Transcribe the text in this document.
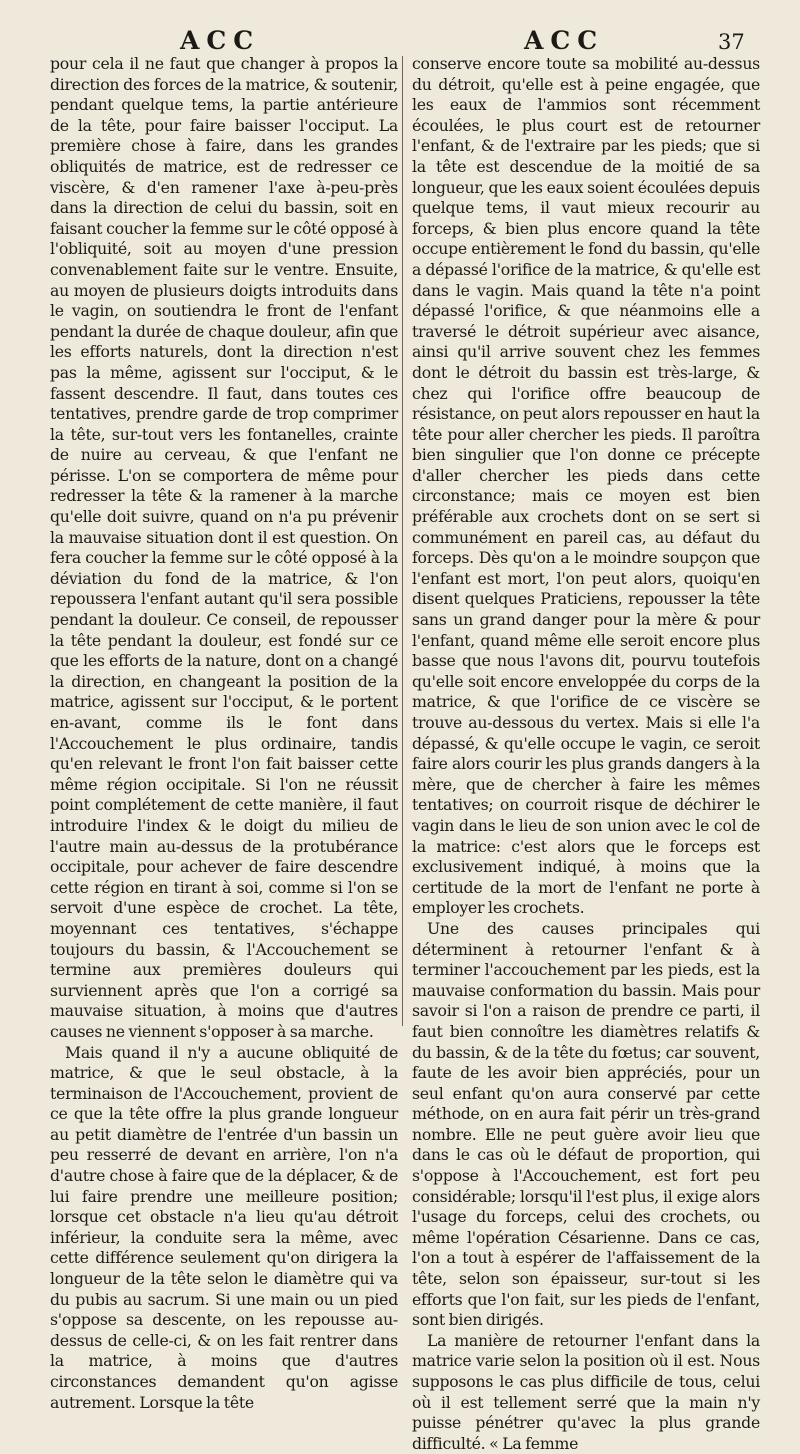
ACC	ACC	37

pour cela il ne faut que changer à propos la direction des forces de la matrice, & soutenir, pendant quelque tems, la partie antérieure de la tête, pour faire baisser l'occiput. La première chose à faire, dans les grandes obliquités de matrice, est de redresser ce viscère, & d'en ramener l'axe à-peu-près dans la direction de celui du bassin, soit en faisant coucher la femme sur le côté opposé à l'obliquité, soit au moyen d'une pression convenablement faite sur le ventre. Ensuite, au moyen de plusieurs doigts introduits dans le vagin, on soutiendra le front de l'enfant pendant la durée de chaque douleur, afin que les efforts naturels, dont la direction n'est pas la même, agissent sur l'occiput, & le fassent descendre. Il faut, dans toutes ces tentatives, prendre garde de trop comprimer la tête, sur-tout vers les fontanelles, crainte de nuire au cerveau, & que l'enfant ne périsse. L'on se comportera de même pour redresser la tête & la ramener à la marche qu'elle doit suivre, quand on n'a pu prévenir la mauvaise situation dont il est question. On fera coucher la femme sur le côté opposé à la déviation du fond de la matrice, & l'on repoussera l'enfant autant qu'il sera possible pendant la douleur. Ce conseil, de repousser la tête pendant la douleur, est fondé sur ce que les efforts de la nature, dont on a changé la direction, en changeant la position de la matrice, agissent sur l'occiput, & le portent en-avant, comme ils le font dans l'Accouchement le plus ordinaire, tandis qu'en relevant le front l'on fait baisser cette même région occipitale. Si l'on ne réussit point complétement de cette manière, il faut introduire l'index & le doigt du milieu de l'autre main au-dessus de la protubérance occipitale, pour achever de faire descendre cette région en tirant à soi, comme si l'on se servoit d'une espèce de crochet. La tête, moyennant ces tentatives, s'échappe toujours du bassin, & l'Accouchement se termine aux premières douleurs qui surviennent après que l'on a corrigé sa mauvaise situation, à moins que d'autres causes ne viennent s'opposer à sa marche.

Mais quand il n'y a aucune obliquité de matrice, & que le seul obstacle, à la terminaison de l'Accouchement, provient de ce que la tête offre la plus grande longueur au petit diamètre de l'entrée d'un bassin un peu resserré de devant en arrière, l'on n'a d'autre chose à faire que de la déplacer, & de lui faire prendre une meilleure position; lorsque cet obstacle n'a lieu qu'au détroit inférieur, la conduite sera la même, avec cette différence seulement qu'on dirigera la longueur de la tête selon le diamètre qui va du pubis au sacrum. Si une main ou un pied s'oppose sa descente, on les repousse au-dessus de celle-ci, & on les fait rentrer dans la matrice, à moins que d'autres circonstances demandent qu'on agisse autrement. Lorsque la tête

conserve encore toute sa mobilité au-dessus du détroit, qu'elle est à peine engagée, que les eaux de l'ammios sont récemment écoulées, le plus court est de retourner l'enfant, & de l'extraire par les pieds; que si la tête est descendue de la moitié de sa longueur, que les eaux soient écoulées depuis quelque tems, il vaut mieux recourir au forceps, & bien plus encore quand la tête occupe entièrement le fond du bassin, qu'elle a dépassé l'orifice de la matrice, & qu'elle est dans le vagin. Mais quand la tête n'a point dépassé l'orifice, & que néanmoins elle a traversé le détroit supérieur avec aisance, ainsi qu'il arrive souvent chez les femmes dont le détroit du bassin est très-large, & chez qui l'orifice offre beaucoup de résistance, on peut alors repousser en haut la tête pour aller chercher les pieds. Il paroîtra bien singulier que l'on donne ce précepte d'aller chercher les pieds dans cette circonstance; mais ce moyen est bien préférable aux crochets dont on se sert si communément en pareil cas, au défaut du forceps. Dès qu'on a le moindre soupçon que l'enfant est mort, l'on peut alors, quoiqu'en disent quelques Praticiens, repousser la tête sans un grand danger pour la mère & pour l'enfant, quand même elle seroit encore plus basse que nous l'avons dit, pourvu toutefois qu'elle soit encore enveloppée du corps de la matrice, & que l'orifice de ce viscère se trouve au-dessous du vertex. Mais si elle l'a dépassé, & qu'elle occupe le vagin, ce seroit faire alors courir les plus grands dangers à la mère, que de chercher à faire les mêmes tentatives; on courroit risque de déchirer le vagin dans le lieu de son union avec le col de la matrice: c'est alors que le forceps est exclusivement indiqué, à moins que la certitude de la mort de l'enfant ne porte à employer les crochets.

Une des causes principales qui déterminent à retourner l'enfant & à terminer l'accouchement par les pieds, est la mauvaise conformation du bassin. Mais pour savoir si l'on a raison de prendre ce parti, il faut bien connoître les diamètres relatifs & du bassin, & de la tête du fœtus; car souvent, faute de les avoir bien appréciés, pour un seul enfant qu'on aura conservé par cette méthode, on en aura fait périr un très-grand nombre. Elle ne peut guère avoir lieu que dans le cas où le défaut de proportion, qui s'oppose à l'Accouchement, est fort peu considérable; lorsqu'il l'est plus, il exige alors l'usage du forceps, celui des crochets, ou même l'opération Césarienne. Dans ce cas, l'on a tout à espérer de l'affaissement de la tête, selon son épaisseur, sur-tout si les efforts que l'on fait, sur les pieds de l'enfant, sont bien dirigés.

La manière de retourner l'enfant dans la matrice varie selon la position où il est. Nous supposons le cas plus difficile de tous, celui où il est tellement serré que la main n'y puisse pénétrer qu'avec la plus grande difficulté. « La femme
